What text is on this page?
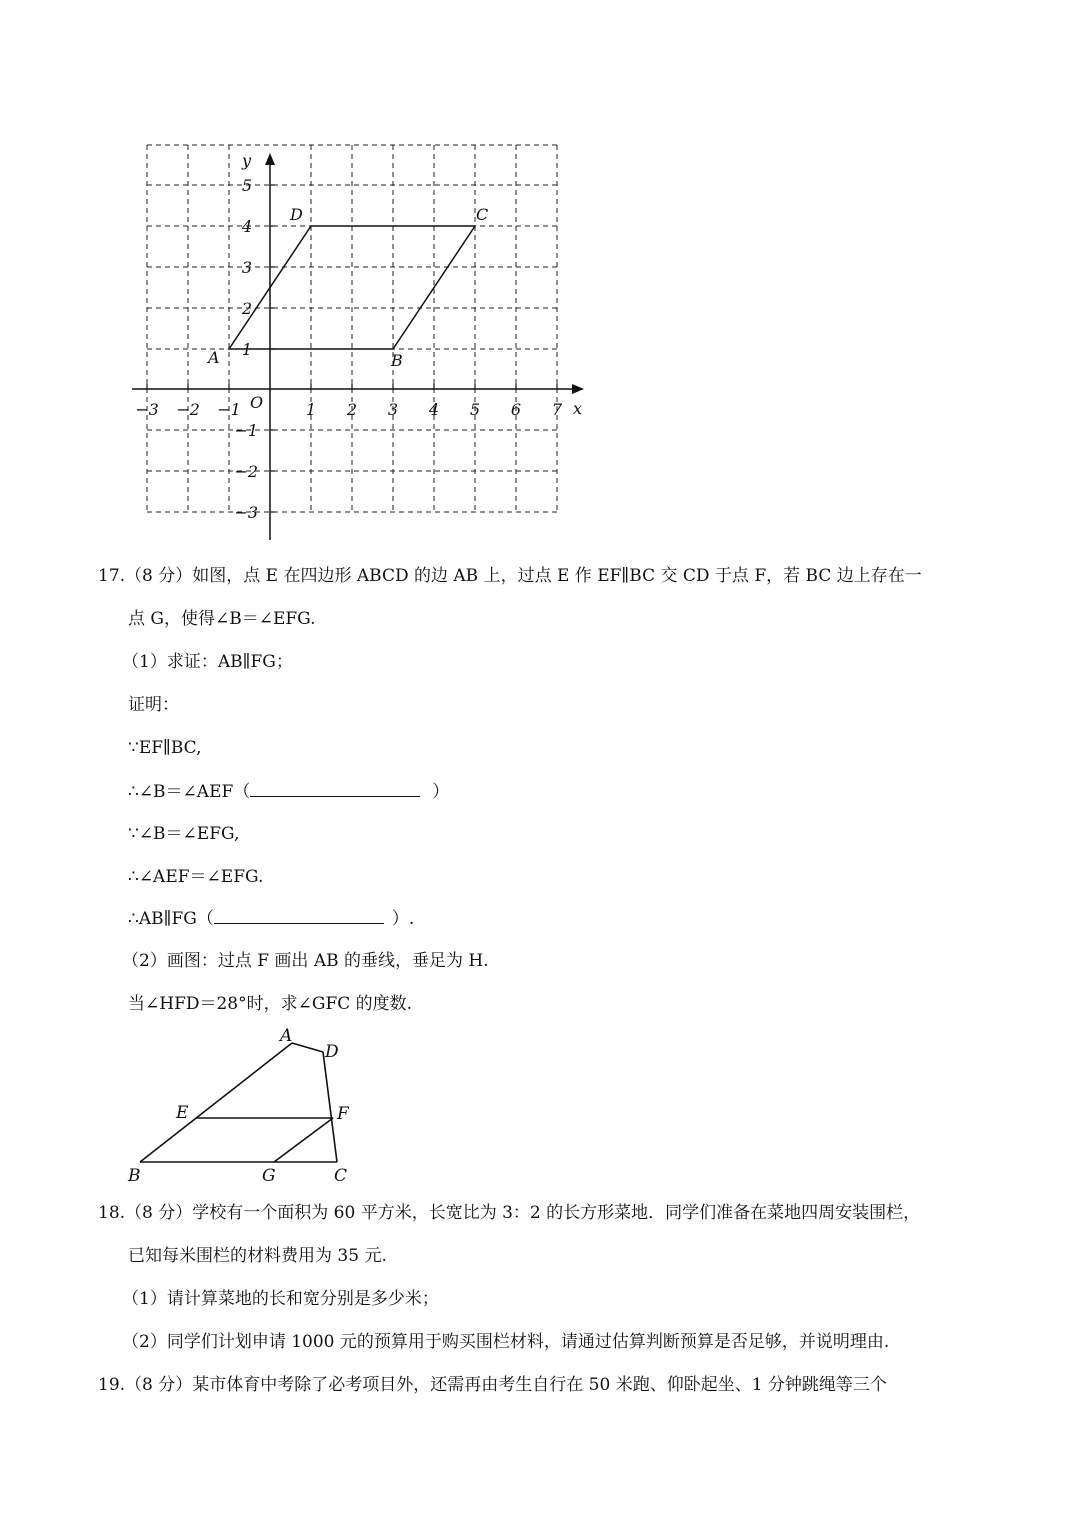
−3 −2 −1	1 2 3 4 5 6 7 x
y
O
5
4
3
2
1
−1
−2
−3
A	B
C
D
17.（8 分）如图，点 E 在四边形 ABCD 的边 AB 上，过点 E 作 EF∥BC 交 CD 于点 F，若 BC 边上存在一
点 G，使得∠B＝∠EFG.
（1）求证：AB∥FG；
证明：
∵EF∥BC,
∴∠B＝∠AEF（	）
∵∠B＝∠EFG,
∴∠AEF＝∠EFG.
∴AB∥FG（	）.
（2）画图：过点 F 画出 AB 的垂线，垂足为 H.
当∠HFD＝28°时，求∠GFC 的度数.
A
D
E	F
B	G	C
18.（8 分）学校有一个面积为 60 平方米，长宽比为 3：2 的长方形菜地．同学们准备在菜地四周安装围栏，
已知每米围栏的材料费用为 35 元.
（1）请计算菜地的长和宽分别是多少米；
（2）同学们计划申请 1000 元的预算用于购买围栏材料，请通过估算判断预算是否足够，并说明理由.
19.（8 分）某市体育中考除了必考项目外，还需再由考生自行在 50 米跑、仰卧起坐、1 分钟跳绳等三个
